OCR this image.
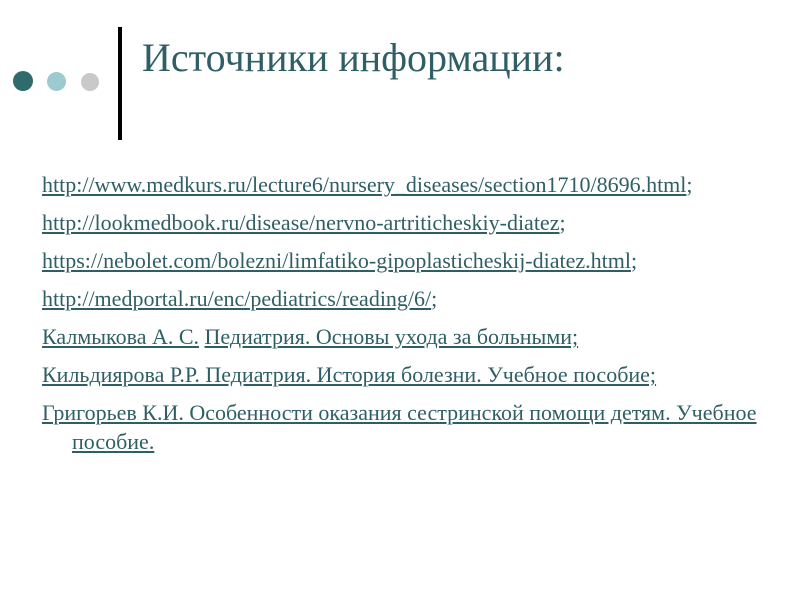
Источники информации:
http://www.medkurs.ru/lecture6/nursery_diseases/section1710/8696.html;
http://lookmedbook.ru/disease/nervno-artriticheskiy-diatez;
https://nebolet.com/bolezni/limfatiko-gipoplasticheskij-diatez.html;
http://medportal.ru/enc/pediatrics/reading/6/;
Калмыкова А. С. Педиатрия. Основы ухода за больными;
Кильдиярова Р.Р. Педиатрия. История болезни. Учебное пособие;
Григорьев К.И. Особенности оказания сестринской помощи детям. Учебное пособие.
